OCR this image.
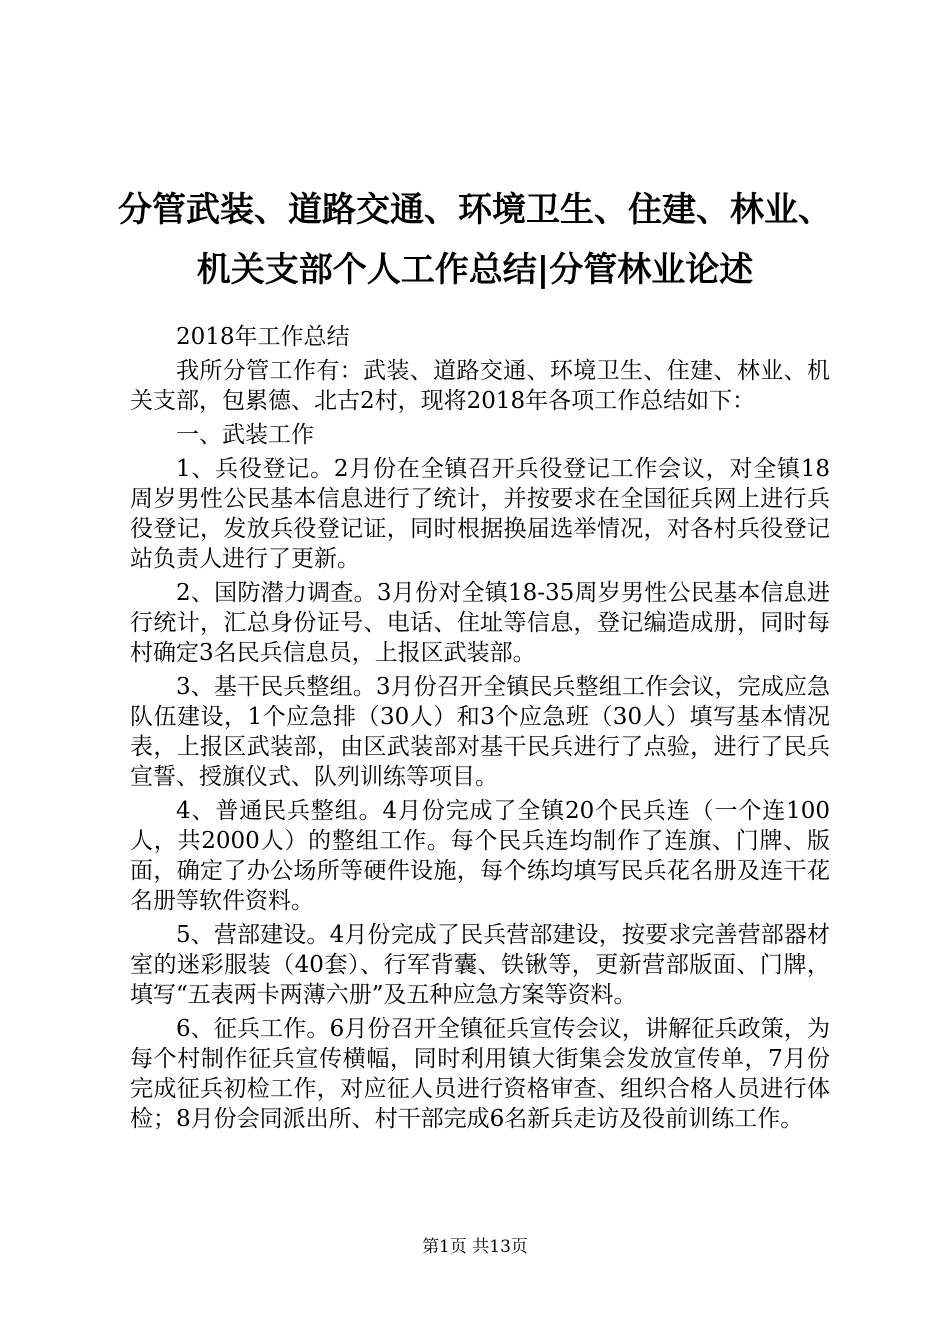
分管武装、道路交通、环境卫生、住建、林业、
机关支部个人工作总结|分管林业论述

2018年工作总结

我所分管工作有：武装、道路交通、环境卫生、住建、林业、机关支部，包累德、北古2村，现将2018年各项工作总结如下：

一、武装工作

1、兵役登记。2月份在全镇召开兵役登记工作会议，对全镇18周岁男性公民基本信息进行了统计，并按要求在全国征兵网上进行兵役登记，发放兵役登记证，同时根据换届选举情况，对各村兵役登记站负责人进行了更新。

2、国防潜力调查。3月份对全镇18-35周岁男性公民基本信息进行统计，汇总身份证号、电话、住址等信息，登记编造成册，同时每村确定3名民兵信息员，上报区武装部。

3、基干民兵整组。3月份召开全镇民兵整组工作会议，完成应急队伍建设，1个应急排（30人）和3个应急班（30人）填写基本情况表，上报区武装部，由区武装部对基干民兵进行了点验，进行了民兵宣誓、授旗仪式、队列训练等项目。

4、普通民兵整组。4月份完成了全镇20个民兵连（一个连100人，共2000人）的整组工作。每个民兵连均制作了连旗、门牌、版面，确定了办公场所等硬件设施，每个练均填写民兵花名册及连干花名册等软件资料。

5、营部建设。4月份完成了民兵营部建设，按要求完善营部器材室的迷彩服装（40套）、行军背囊、铁锹等，更新营部版面、门牌，填写“五表两卡两薄六册”及五种应急方案等资料。

6、征兵工作。6月份召开全镇征兵宣传会议，讲解征兵政策，为每个村制作征兵宣传横幅，同时利用镇大街集会发放宣传单，7月份完成征兵初检工作，对应征人员进行资格审查、组织合格人员进行体检；8月份会同派出所、村干部完成6名新兵走访及役前训练工作。

第1页 共13页
